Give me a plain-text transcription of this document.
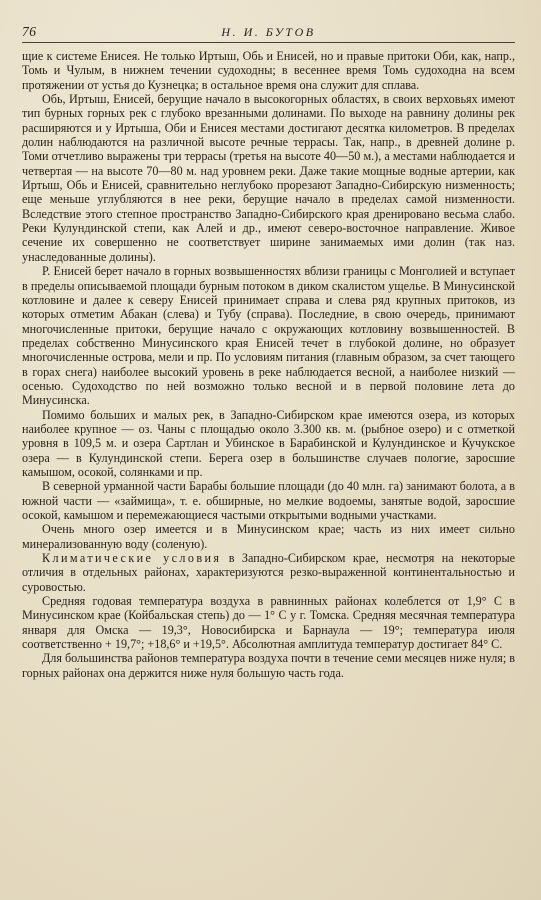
76	Н. И. БУТОВ

щие к системе Енисея. Не только Иртыш, Обь и Енисей, но и правые притоки Оби, как, напр., Томь и Чулым, в нижнем течении судоходны; в весеннее время Томь судоходна на всем протяжении от устья до Кузнецка; в остальное время она служит для сплава.

Обь, Иртыш, Енисей, берущие начало в высокогорных областях, в своих верховьях имеют тип бурных горных рек с глубоко врезанными долинами. По выходе на равнину долины рек расширяются и у Иртыша, Оби и Енисея местами достигают десятка километров. В пределах долин наблюдаются на различной высоте речные террасы. Так, напр., в древней долине р. Томи отчетливо выражены три террасы (третья на высоте 40—50 м.), а местами наблюдается и четвертая — на высоте 70—80 м. над уровнем реки. Даже такие мощные водные артерии, как Иртыш, Обь и Енисей, сравнительно неглубоко прорезают Западно-Сибирскую низменность; еще меньше углубляются в нее реки, берущие начало в пределах самой низменности. Вследствие этого степное пространство Западно-Сибирского края дренировано весьма слабо. Реки Кулундинской степи, как Алей и др., имеют северо-восточное направление. Живое сечение их совершенно не соответствует ширине занимаемых ими долин (так наз. унаследованные долины).

Р. Енисей берет начало в горных возвышенностях вблизи границы с Монголией и вступает в пределы описываемой площади бурным потоком в диком скалистом ущелье. В Минусинской котловине и далее к северу Енисей принимает справа и слева ряд крупных притоков, из которых отметим Абакан (слева) и Тубу (справа). Последние, в свою очередь, принимают многочисленные притоки, берущие начало с окружающих котловину возвышенностей. В пределах собственно Минусинского края Енисей течет в глубокой долине, но образует многочисленные острова, мели и пр. По условиям питания (главным образом, за счет тающего в горах снега) наиболее высокий уровень в реке наблюдается весной, а наиболее низкий — осенью. Судоходство по ней возможно только весной и в первой половине лета до Минусинска.

Помимо больших и малых рек, в Западно-Сибирском крае имеются озера, из которых наиболее крупное — оз. Чаны с площадью около 3.300 кв. м. (рыбное озеро) и с отметкой уровня в 109,5 м. и озера Сартлан и Убинское в Барабинской и Кулундинское и Кучукское озера — в Кулундинской степи. Берега озер в большинстве случаев пологие, заросшие камышом, осокой, солянками и пр.

В северной урманной части Барабы большие площади (до 40 млн. га) занимают болота, а в южной части — «займища», т. е. обширные, но мелкие водоемы, занятые водой, заросшие осокой, камышом и перемежающиеся частыми открытыми водными участками.

Очень много озер имеется и в Минусинском крае; часть из них имеет сильно минерализованную воду (соленую).

Климатические условия в Западно-Сибирском крае, несмотря на некоторые отличия в отдельных районах, характеризуются резко-выраженной континентальностью и суровостью.

Средняя годовая температура воздуха в равнинных районах колеблется от 1,9° С в Минусинском крае (Койбальская степь) до — 1° С у г. Томска. Средняя месячная температура января для Омска — 19,3°, Новосибирска и Барнаула — 19°; температура июля соответственно + 19,7°; +18,6° и +19,5°. Абсолютная амплитуда температур достигает 84° С.

Для большинства районов температура воздуха почти в течение семи месяцев ниже нуля; в горных районах она держится ниже нуля большую часть года.
